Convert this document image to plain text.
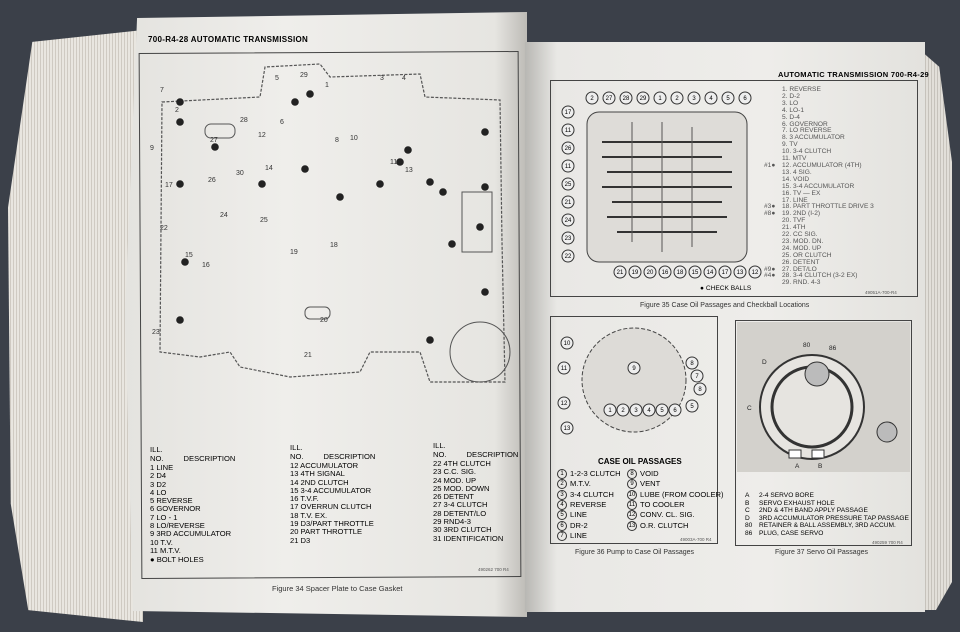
700-R4-28 AUTOMATIC TRANSMISSION
5	29
1
3	4
7
2
28
12
6
8 10
9
27
26
30
14
11
13
17
24
25
22
15
16
19
18
20
21
23
ILL.
NO.	DESCRIPTION
1 LINE
2 D4
3 D2
4 LO
5 REVERSE
6 GOVERNOR
7 LO - 1
8 LO/REVERSE
9 3RD ACCUMULATOR
10 T.V.
11 M.T.V.
● BOLT HOLES
ILL.
NO.	DESCRIPTION
12 ACCUMULATOR
13 4TH SIGNAL
14 2ND CLUTCH
15 3-4 ACCUMULATOR
16 T.V.F.
17 OVERRUN CLUTCH
18 T.V. EX.
19 D3/PART THROTTLE
20 PART THROTTLE
21 D3
ILL.
NO.	DESCRIPTION
22 4TH CLUTCH
23 C.C. SIG.
24 MOD. UP
25 MOD. DOWN
26 DETENT
27 3-4 CLUTCH
28 DETENT/LO
29 RND4-3
30 3RD CLUTCH
31 IDENTIFICATION
490262 700 R4
Figure 34 Spacer Plate to Case Gasket
AUTOMATIC TRANSMISSION 700-R4-29
2 27 28 29 1 2 3 4 5 6
17
11
26
11
25
21
24
23
22
21 19 20 16 18 15 14 17 13 12
1. REVERSE
2. D-2
3. LO
4. LO-1
5. D-4
6. GOVERNOR
7. LO REVERSE
8. 3 ACCUMULATOR
9. TV
10. 3-4 CLUTCH
11. MTV
#1● 12. ACCUMULATOR (4TH)
13. 4 SIG.
14. VOID
15. 3-4 ACCUMULATOR
16. TV — EX
17. LINE
#3● 18. PART THROTTLE DRIVE 3
#8● 19. 2ND (I-2)
20. TVF
21. 4TH
22. CC SIG.
23. MOD. DN.
24. MOD. UP
25. OR CLUTCH
26. DETENT
#9● 27. DET/LO
#4● 28. 3-4 CLUTCH (3-2 EX)
29. RND. 4-3
● CHECK BALLS
49051A-700-R4
Figure 35 Case Oil Passages and Checkball Locations
10
11
12
13
9
8
7
8
5
1 2 3 4 5 6
CASE OIL PASSAGES
1 1-2-3 CLUTCH
2 M.T.V.
3 3-4 CLUTCH
4 REVERSE
5 LINE
6 DR-2
7 LINE
8 VOID
9 VENT
10 LUBE (FROM COOLER)
11 TO COOLER
12 CONV. CL. SIG.
13 O.R. CLUTCH
49003A-700 R4
Figure 36 Pump to Case Oil Passages
A	B
C
D
80	86
A	2-4 SERVO BORE
B	SERVO EXHAUST HOLE
C	2ND & 4TH BAND APPLY PASSAGE
D	3RD ACCUMULATOR PRESSURE TAP PASSAGE
80	RETAINER & BALL ASSEMBLY, 3RD ACCUM.
86	PLUG, CASE SERVO
490259 700 R4
Figure 37 Servo Oil Passages
